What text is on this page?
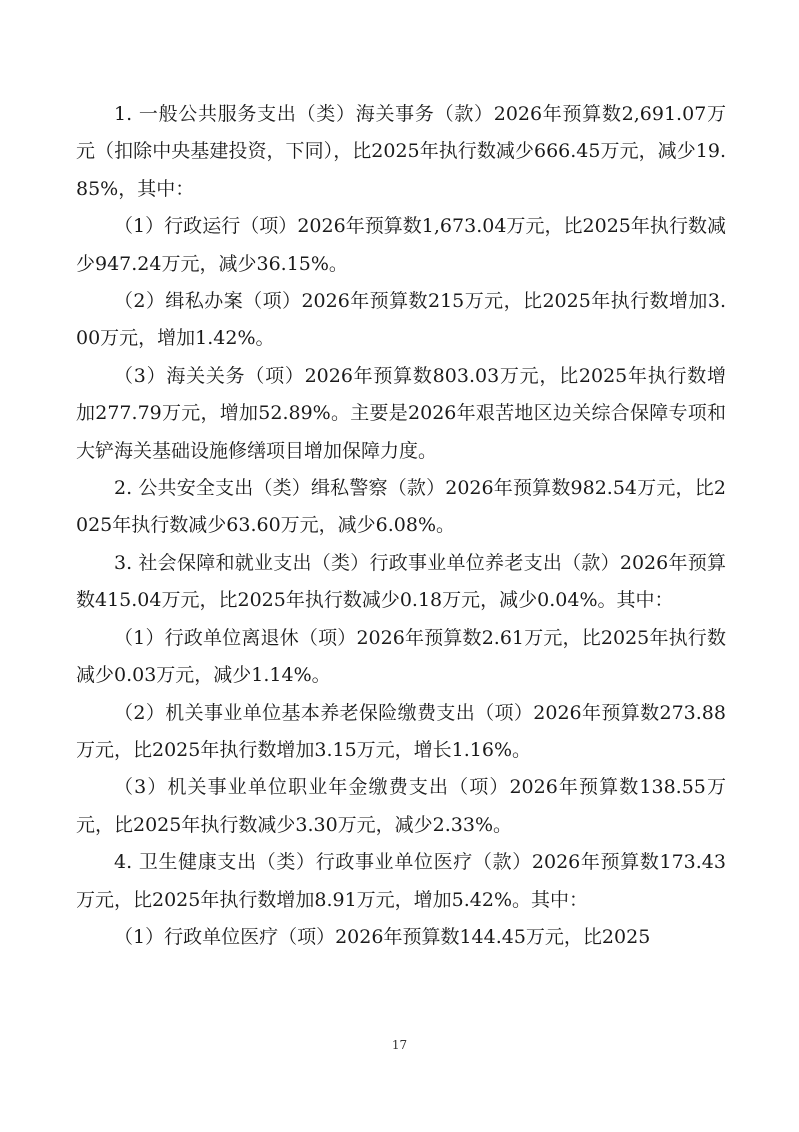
1. 一般公共服务支出（类）海关事务（款）2026年预算数2,691.07万元（扣除中央基建投资，下同），比2025年执行数减少666.45万元，减少19.85%，其中：

（1）行政运行（项）2026年预算数1,673.04万元，比2025年执行数减少947.24万元，减少36.15%。

（2）缉私办案（项）2026年预算数215万元，比2025年执行数增加3.00万元，增加1.42%。

（3）海关关务（项）2026年预算数803.03万元，比2025年执行数增加277.79万元，增加52.89%。主要是2026年艰苦地区边关综合保障专项和大铲海关基础设施修缮项目增加保障力度。

2. 公共安全支出（类）缉私警察（款）2026年预算数982.54万元，比2025年执行数减少63.60万元，减少6.08%。

3. 社会保障和就业支出（类）行政事业单位养老支出（款）2026年预算数415.04万元，比2025年执行数减少0.18万元，减少0.04%。其中：

（1）行政单位离退休（项）2026年预算数2.61万元，比2025年执行数减少0.03万元，减少1.14%。

（2）机关事业单位基本养老保险缴费支出（项）2026年预算数273.88万元，比2025年执行数增加3.15万元，增长1.16%。

（3）机关事业单位职业年金缴费支出（项）2026年预算数138.55万元，比2025年执行数减少3.30万元，减少2.33%。

4. 卫生健康支出（类）行政事业单位医疗（款）2026年预算数173.43万元，比2025年执行数增加8.91万元，增加5.42%。其中：

（1）行政单位医疗（项）2026年预算数144.45万元，比2025

17
